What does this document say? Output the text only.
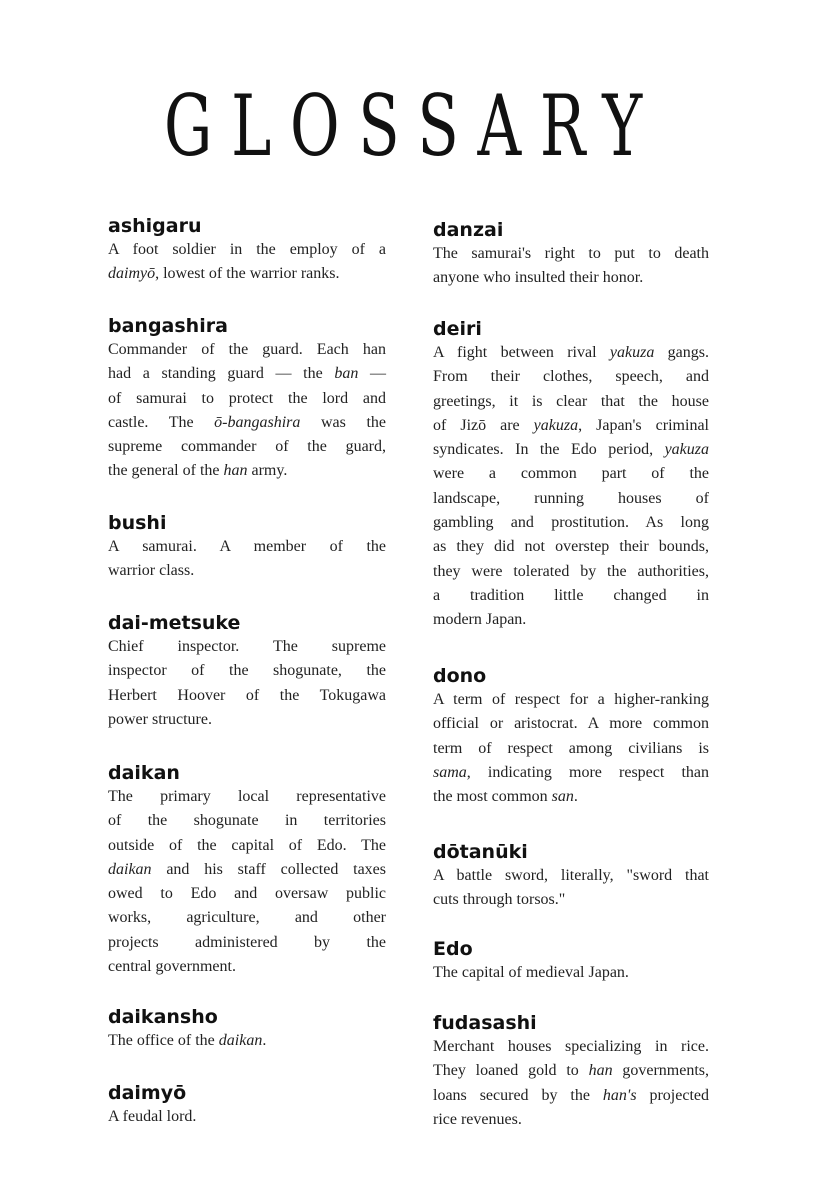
GLOSSARY
ashigaru
A foot soldier in the employ of a
daimyō, lowest of the warrior ranks.
bangashira
Commander of the guard. Each han
had a standing guard — the ban —
of samurai to protect the lord and
castle. The ō-bangashira was the
supreme commander of the guard,
the general of the han army.
bushi
A samurai. A member of the
warrior class.
dai-metsuke
Chief inspector. The supreme
inspector of the shogunate, the
Herbert Hoover of the Tokugawa
power structure.
daikan
The primary local representative
of the shogunate in territories
outside of the capital of Edo. The
daikan and his staff collected taxes
owed to Edo and oversaw public
works, agriculture, and other
projects administered by the
central government.
daikansho
The office of the daikan.
daimyō
A feudal lord.
danzai
The samurai's right to put to death
anyone who insulted their honor.
deiri
A fight between rival yakuza gangs.
From their clothes, speech, and
greetings, it is clear that the house
of Jizō are yakuza, Japan's criminal
syndicates. In the Edo period, yakuza
were a common part of the
landscape, running houses of
gambling and prostitution. As long
as they did not overstep their bounds,
they were tolerated by the authorities,
a tradition little changed in
modern Japan.
dono
A term of respect for a higher-ranking
official or aristocrat. A more common
term of respect among civilians is
sama, indicating more respect than
the most common san.
dōtanūki
A battle sword, literally, "sword that
cuts through torsos."
Edo
The capital of medieval Japan.
fudasashi
Merchant houses specializing in rice.
They loaned gold to han governments,
loans secured by the han's projected
rice revenues.
